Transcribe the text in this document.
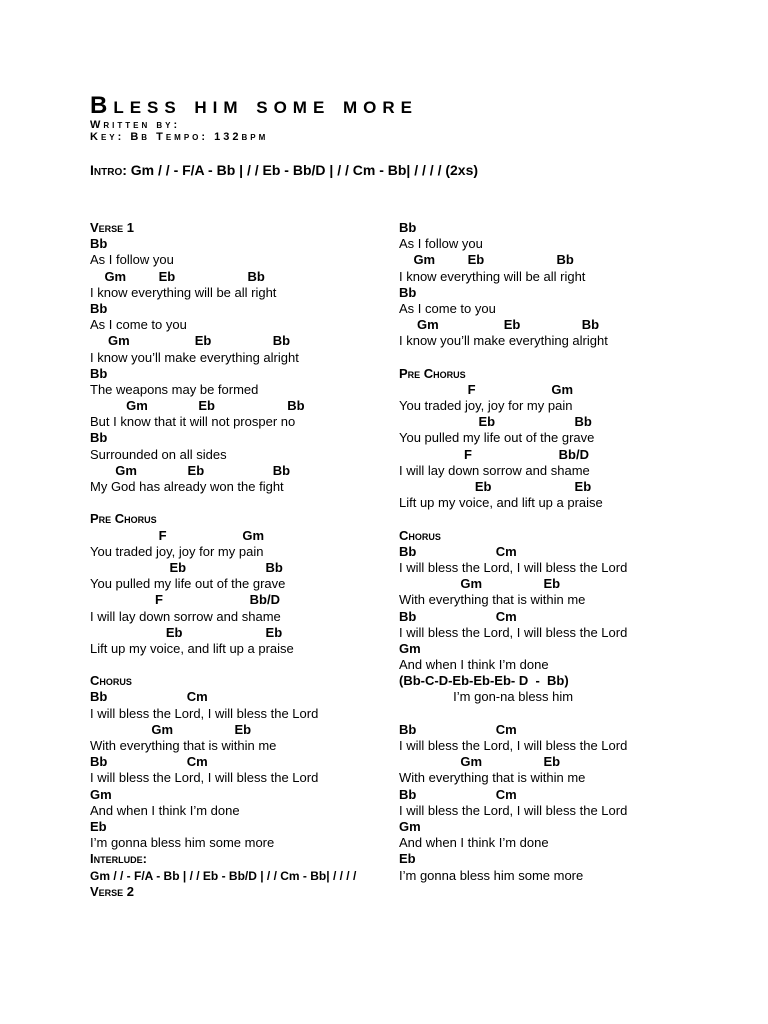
Bless him some more
Written by:
Key: Bb Tempo: 132bpm
Intro: Gm / / - F/A - Bb | / / Eb - Bb/D | / / Cm - Bb| / / / / (2xs)
Verse 1
Bb
As I follow you
Gm         Eb                    Bb
I know everything will be all right
Bb
As I come to you
Gm                  Eb                 Bb
I know you’ll make everything alright
Bb
The weapons may be formed
Gm              Eb                    Bb
But I know that it will not prosper no
Bb
Surrounded on all sides
Gm              Eb                   Bb
My God has already won the fight
Pre Chorus
F                     Gm
You traded joy, joy for my pain
Eb                      Bb
You pulled my life out of the grave
F                        Bb/D
I will lay down sorrow and shame
Eb                       Eb
Lift up my voice, and lift up a praise
Chorus
Bb                      Cm
I will bless the Lord, I will bless the Lord
Gm                 Eb
With everything that is within me
Bb                      Cm
I will bless the Lord, I will bless the Lord
Gm
And when I think I’m done
Eb
I’m gonna bless him some more
Interlude:
Gm / / - F/A - Bb | / / Eb - Bb/D | / / Cm - Bb| / / / /
Verse 2
Bb
As I follow you
Gm         Eb                    Bb
I know everything will be all right
Bb
As I come to you
Gm                  Eb                 Bb
I know you’ll make everything alright
Pre Chorus
F                     Gm
You traded joy, joy for my pain
Eb                      Bb
You pulled my life out of the grave
F                        Bb/D
I will lay down sorrow and shame
Eb                       Eb
Lift up my voice, and lift up a praise
Chorus
Bb                      Cm
I will bless the Lord, I will bless the Lord
Gm                 Eb
With everything that is within me
Bb                      Cm
I will bless the Lord, I will bless the Lord
Gm
And when I think I’m done
(Bb-C-D-Eb-Eb-Eb- D  -  Bb)
I’m gon-na bless him
Bb                      Cm
I will bless the Lord, I will bless the Lord
Gm                 Eb
With everything that is within me
Bb                      Cm
I will bless the Lord, I will bless the Lord
Gm
And when I think I’m done
Eb
I’m gonna bless him some more
